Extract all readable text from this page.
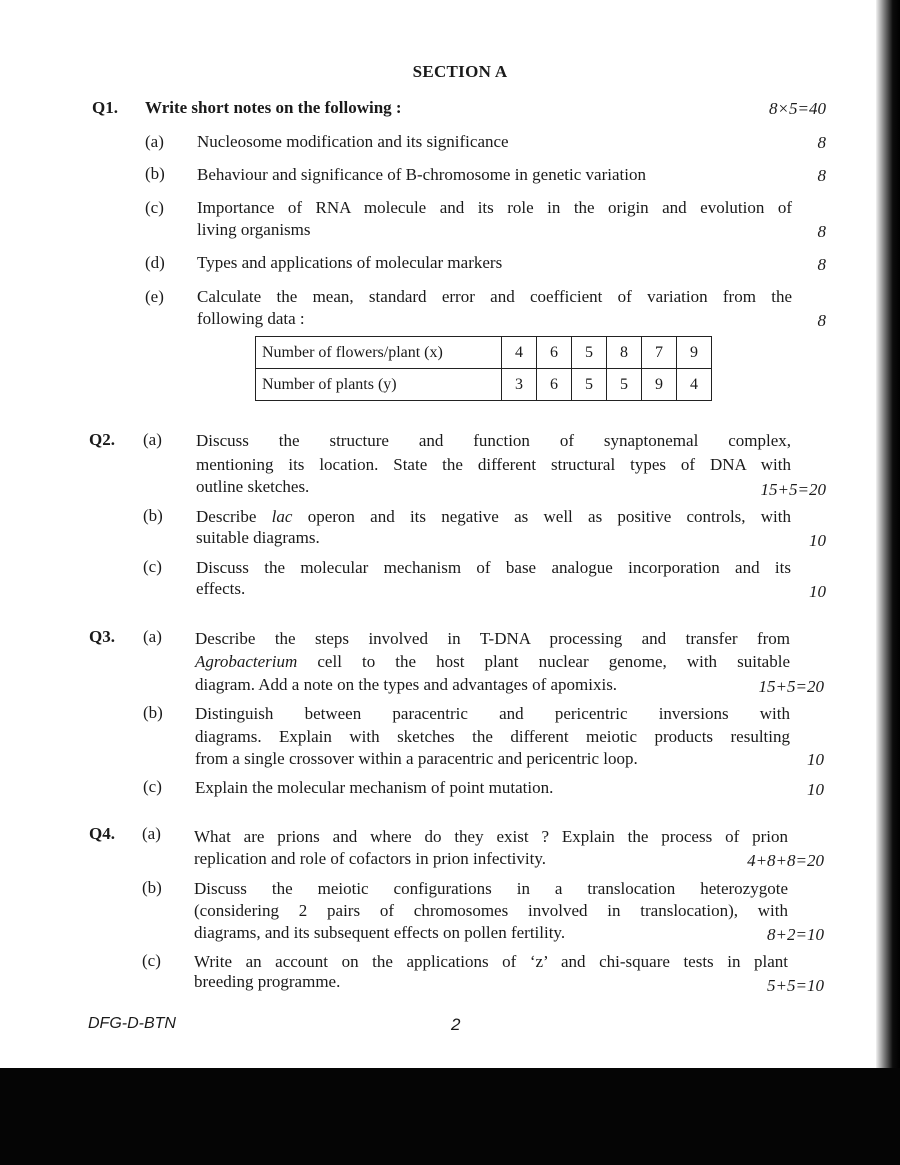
SECTION A
Q1. Write short notes on the following :	8×5=40
(a) Nucleosome modification and its significance	8
(b) Behaviour and significance of B-chromosome in genetic variation	8
(c) Importance of RNA molecule and its role in the origin and evolution of
living organisms	8
(d) Types and applications of molecular markers	8
(e) Calculate the mean, standard error and coefficient of variation from the
following data :	8
Number of flowers/plant (x)	4	6	5	8	7	9
Number of plants (y)	3	6	5	5	9	4
Q2. (a) Discuss the structure and function of synaptonemal complex,
mentioning its location. State the different structural types of DNA with
outline sketches.	15+5=20
(b) Describe lac operon and its negative as well as positive controls, with
suitable diagrams.	10
(c) Discuss the molecular mechanism of base analogue incorporation and its
effects.	10
Q3. (a) Describe the steps involved in T-DNA processing and transfer from
Agrobacterium cell to the host plant nuclear genome, with suitable
diagram. Add a note on the types and advantages of apomixis.	15+5=20
(b) Distinguish between paracentric and pericentric inversions with
diagrams. Explain with sketches the different meiotic products resulting
from a single crossover within a paracentric and pericentric loop.	10
(c) Explain the molecular mechanism of point mutation.	10
Q4. (a) What are prions and where do they exist ? Explain the process of prion
replication and role of cofactors in prion infectivity.	4+8+8=20
(b) Discuss the meiotic configurations in a translocation heterozygote
(considering 2 pairs of chromosomes involved in translocation), with
diagrams, and its subsequent effects on pollen fertility.	8+2=10
(c) Write an account on the applications of ‘z’ and chi-square tests in plant
breeding programme.	5+5=10
DFG-D-BTN	2
